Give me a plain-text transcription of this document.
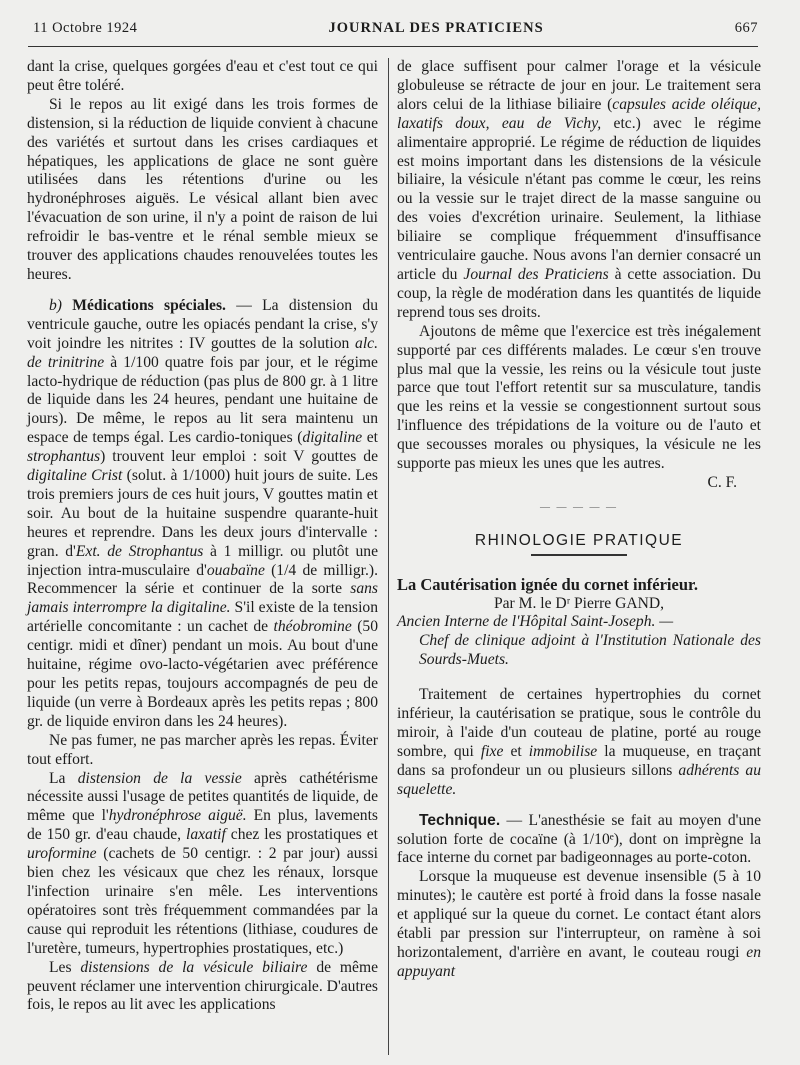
11 Octobre 1924	JOURNAL DES PRATICIENS	667

dant la crise, quelques gorgées d'eau et c'est tout ce qui peut être toléré.

Si le repos au lit exigé dans les trois formes de distension, si la réduction de liquide convient à chacune des variétés et surtout dans les crises cardiaques et hépatiques, les applications de glace ne sont guère utilisées dans les rétentions d'urine ou les hydronéphroses aiguës. Le vésical allant bien avec l'évacuation de son urine, il n'y a point de raison de lui refroidir le bas-ventre et le rénal semble mieux se trouver des applications chaudes renouvelées toutes les heures.

b) Médications spéciales. — La distension du ventricule gauche, outre les opiacés pendant la crise, s'y voit joindre les nitrites : IV gouttes de la solution alc. de trinitrine à 1/100 quatre fois par jour, et le régime lacto-hydrique de réduction (pas plus de 800 gr. à 1 litre de liquide dans les 24 heures, pendant une huitaine de jours). De même, le repos au lit sera maintenu un espace de temps égal. Les cardio-toniques (digitaline et strophantus) trouvent leur emploi : soit V gouttes de digitaline Crist (solut. à 1/1000) huit jours de suite. Les trois premiers jours de ces huit jours, V gouttes matin et soir. Au bout de la huitaine suspendre quarante-huit heures et reprendre. Dans les deux jours d'intervalle : gran. d'Ext. de Strophantus à 1 milligr. ou plutôt une injection intra-musculaire d'ouabaïne (1/4 de milligr.). Recommencer la série et continuer de la sorte sans jamais interrompre la digitaline. S'il existe de la tension artérielle concomitante : un cachet de théobromine (50 centigr. midi et dîner) pendant un mois. Au bout d'une huitaine, régime ovo-lacto-végétarien avec préférence pour les petits repas, toujours accompagnés de peu de liquide (un verre à Bordeaux après les petits repas ; 800 gr. de liquide environ dans les 24 heures).

Ne pas fumer, ne pas marcher après les repas. Éviter tout effort.

La distension de la vessie après cathétérisme nécessite aussi l'usage de petites quantités de liquide, de même que l'hydronéphrose aiguë. En plus, lavements de 150 gr. d'eau chaude, laxatif chez les prostatiques et uroformine (cachets de 50 centigr. : 2 par jour) aussi bien chez les vésicaux que chez les rénaux, lorsque l'infection urinaire s'en mêle. Les interventions opératoires sont très fréquemment commandées par la cause qui reproduit les rétentions (lithiase, coudures de l'uretère, tumeurs, hypertrophies prostatiques, etc.)

Les distensions de la vésicule biliaire de même peuvent réclamer une intervention chirurgicale. D'autres fois, le repos au lit avec les applications

de glace suffisent pour calmer l'orage et la vésicule globuleuse se rétracte de jour en jour. Le traitement sera alors celui de la lithiase biliaire (capsules acide oléique, laxatifs doux, eau de Vichy, etc.) avec le régime alimentaire approprié. Le régime de réduction de liquides est moins important dans les distensions de la vésicule biliaire, la vésicule n'étant pas comme le cœur, les reins ou la vessie sur le trajet direct de la masse sanguine ou des voies d'excrétion urinaire. Seulement, la lithiase biliaire se complique fréquemment d'insuffisance ventriculaire gauche. Nous avons l'an dernier consacré un article du Journal des Praticiens à cette association. Du coup, la règle de modération dans les quantités de liquide reprend tous ses droits.

Ajoutons de même que l'exercice est très inégalement supporté par ces différents malades. Le cœur s'en trouve plus mal que la vessie, les reins ou la vésicule tout juste parce que tout l'effort retentit sur sa musculature, tandis que les reins et la vessie se congestionnent surtout sous l'influence des trépidations de la voiture ou de l'auto et que secousses morales ou physiques, la vésicule ne les supporte pas mieux les unes que les autres.

C. F.

— — — — —
RHINOLOGIE PRATIQUE

La Cautérisation ignée du cornet inférieur.

Par M. le Dʳ Pierre GAND,

Ancien Interne de l'Hôpital Saint-Joseph. —

Chef de clinique adjoint à l'Institution Nationale des Sourds-Muets.

Traitement de certaines hypertrophies du cornet inférieur, la cautérisation se pratique, sous le contrôle du miroir, à l'aide d'un couteau de platine, porté au rouge sombre, qui fixe et immobilise la muqueuse, en traçant dans sa profondeur un ou plusieurs sillons adhérents au squelette.

Technique. — L'anesthésie se fait au moyen d'une solution forte de cocaïne (à 1/10ᵉ), dont on imprègne la face interne du cornet par badigeonnages au porte-coton.

Lorsque la muqueuse est devenue insensible (5 à 10 minutes); le cautère est porté à froid dans la fosse nasale et appliqué sur la queue du cornet. Le contact étant alors établi par pression sur l'interrupteur, on ramène à soi horizontalement, d'arrière en avant, le couteau rougi en appuyant
